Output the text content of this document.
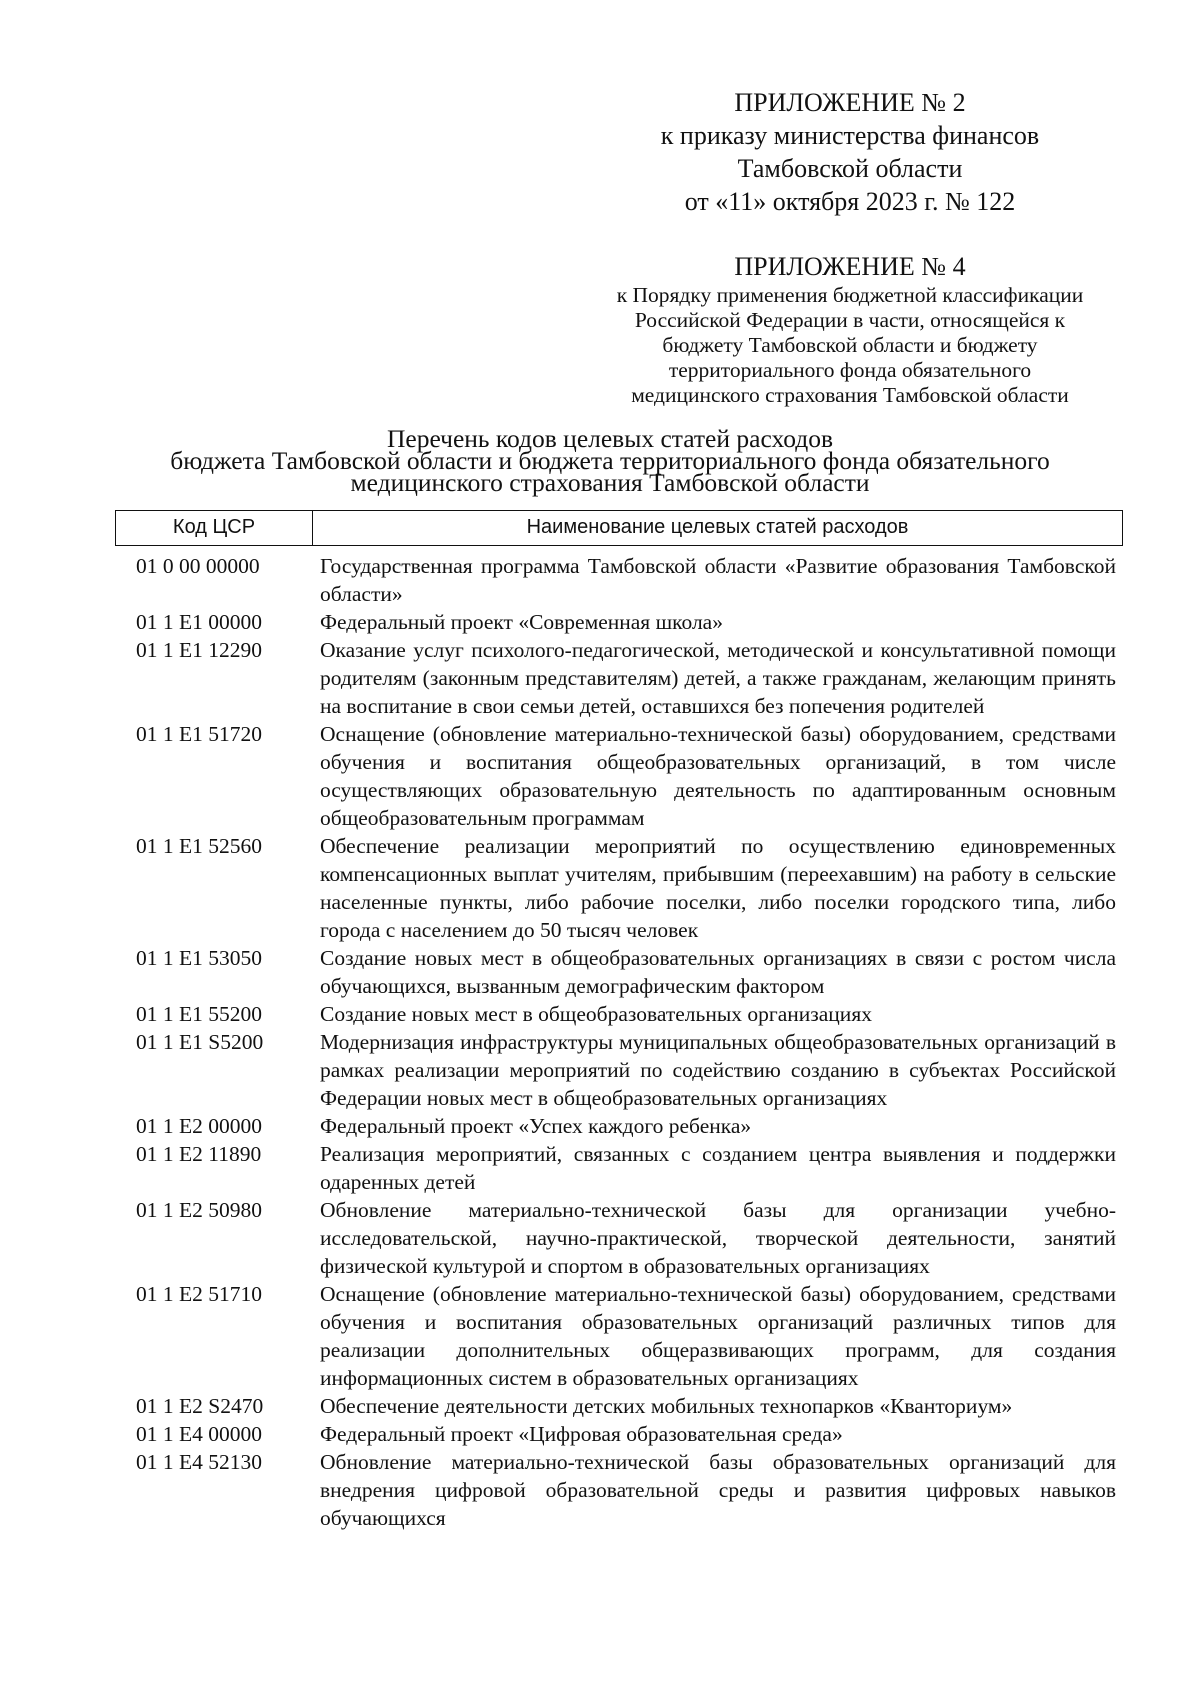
ПРИЛОЖЕНИЕ № 2
к приказу министерства финансов
Тамбовской области
от «11» октября 2023 г. № 122
ПРИЛОЖЕНИЕ № 4
к Порядку применения бюджетной классификации
Российской Федерации в части, относящейся к
бюджету Тамбовской области и бюджету
территориального фонда обязательного
медицинского страхования Тамбовской области
Перечень кодов целевых статей расходов
бюджета Тамбовской области и бюджета территориального фонда обязательного
медицинского страхования Тамбовской области
Код ЦСР	Наименование целевых статей расходов
01 0 00 00000	Государственная программа Тамбовской области «Развитие образования Тамбовской области»
01 1 E1 00000	Федеральный проект «Современная школа»
01 1 E1 12290	Оказание услуг психолого-педагогической, методической и консультативной помощи родителям (законным представителям) детей, а также гражданам, желающим принять на воспитание в свои семьи детей, оставшихся без попечения родителей
01 1 E1 51720	Оснащение (обновление материально-технической базы) оборудованием, средствами обучения и воспитания общеобразовательных организаций, в том числе осуществляющих образовательную деятельность по адаптированным основным общеобразовательным программам
01 1 E1 52560	Обеспечение реализации мероприятий по осуществлению единовременных компенсационных выплат учителям, прибывшим (переехавшим) на работу в сельские населенные пункты, либо рабочие поселки, либо поселки городского типа, либо города с населением до 50 тысяч человек
01 1 E1 53050	Создание новых мест в общеобразовательных организациях в связи с ростом числа обучающихся, вызванным демографическим фактором
01 1 E1 55200	Создание новых мест в общеобразовательных организациях
01 1 E1 S5200	Модернизация инфраструктуры муниципальных общеобразовательных организаций в рамках реализации мероприятий по содействию созданию в субъектах Российской Федерации новых мест в общеобразовательных организациях
01 1 E2 00000	Федеральный проект «Успех каждого ребенка»
01 1 E2 11890	Реализация мероприятий, связанных с созданием центра выявления и поддержки одаренных детей
01 1 E2 50980	Обновление материально-технической базы для организации учебно-исследовательской, научно-практической, творческой деятельности, занятий физической культурой и спортом в образовательных организациях
01 1 E2 51710	Оснащение (обновление материально-технической базы) оборудованием, средствами обучения и воспитания образовательных организаций различных типов для реализации дополнительных общеразвивающих программ, для создания информационных систем в образовательных организациях
01 1 E2 S2470	Обеспечение деятельности детских мобильных технопарков «Кванториум»
01 1 E4 00000	Федеральный проект «Цифровая образовательная среда»
01 1 E4 52130	Обновление материально-технической базы образовательных организаций для внедрения цифровой образовательной среды и развития цифровых навыков обучающихся
